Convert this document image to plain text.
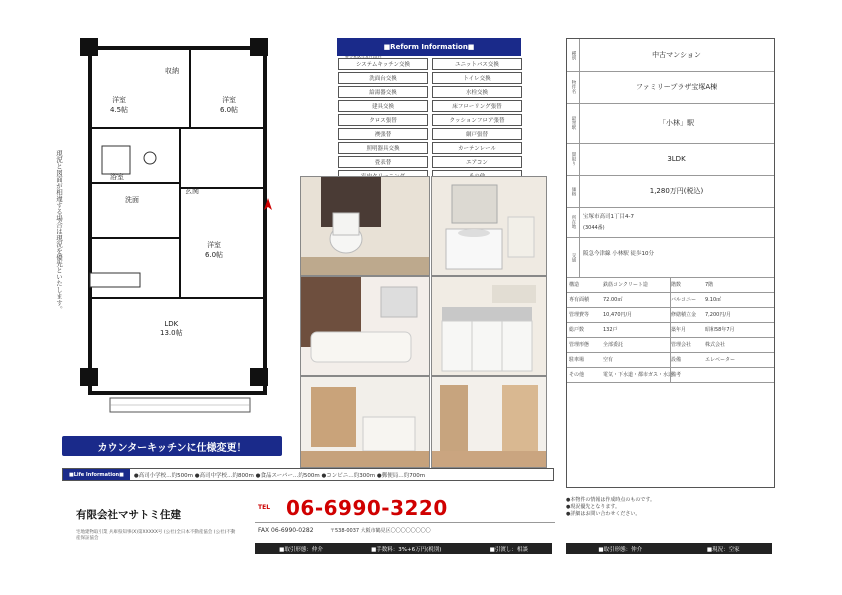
洋室
4.5帖
洋室
6.0帖
洋室
6.0帖
LDK
13.0帖
収納
浴室
洗面
玄関
現況と図面が相違する場合は現況を優先といたします。
カウンターキッチンに仕様変更！
■Reform Information■
システムキッチン交換	ユニットバス交換
洗面台交換	トイレ交換
給湯器交換	水栓交換
建具交換	床フローリング張替
クロス張替	クッションフロア張替
襖張替	網戸張替
照明器具交換	カーテンレール
畳表替	エアコン
種別	中古マンション
物件名	ファミリープラザ宝塚A棟
最寄駅	「小林」駅
間取り	3LDK
価格	1,280万円(税込)
所在地	宝塚市高司1丁目4-7
(3044番)
交通	阪急今津線 小林駅 徒歩10分
構造	鉄筋コンクリート造	階数	7階
専有面積	72.00㎡	バルコニー 9.10㎡
管理費等	10,470円/月	修繕積立金 7,200円/月
総戸数	132戸	築年月	昭和58年7月
管理形態	全部委託	管理会社	株式会社
駐車場	空有	設備	エレベーター
その他	電気・下水道・都市ガス・水道
備考
■Life Information■	●高司小学校…約500m ●高司中学校…約800m ●食品スーパー…約500m ●コンビニ…約300m ●郵便局…約700m
有限会社マサトミ住建
宅地建物取引業 兵庫県知事(X)第XXXXX号 (公社)全日本不動産協会 (公社)不動産保証協会
TEL 06-6990-3220
FAX 06-6990-0282	〒538-0037 大阪市鶴見区〇〇〇〇〇〇〇〇
■取引形態：仲介	■手数料：3%+6万円(税別)	■引渡し：相談
●本物件の情報は作成時点のものです。
●現況優先となります。
●詳細はお問い合わせください。
■取引形態：仲介	■現況：空家
